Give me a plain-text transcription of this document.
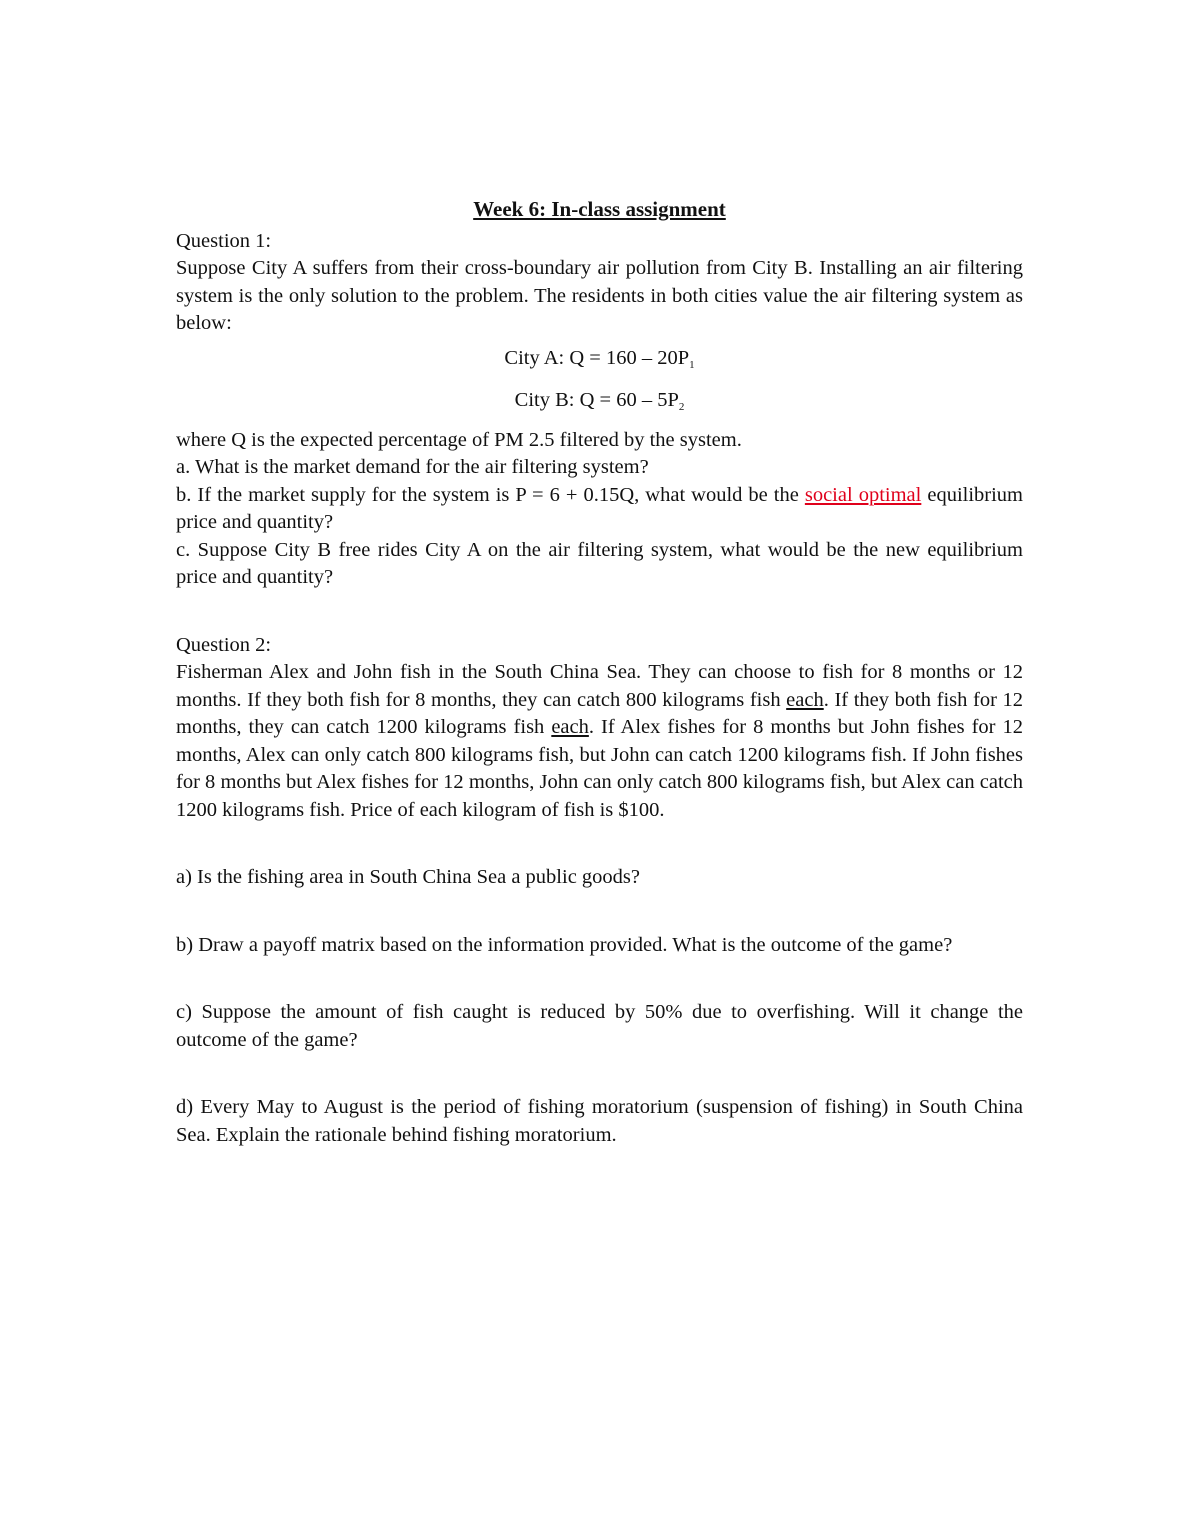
Week 6: In-class assignment

Question 1:

Suppose City A suffers from their cross-boundary air pollution from City B. Installing an air filtering system is the only solution to the problem. The residents in both cities value the air filtering system as below:

City A: $Q = 160 - 20P_1$

City B: $Q = 60 - 5P_2$

where Q is the expected percentage of PM 2.5 filtered by the system.

a. What is the market demand for the air filtering system?

b. If the market supply for the system is P = 6 + 0.15Q, what would be the social optimal equilibrium price and quantity?

c. Suppose City B free rides City A on the air filtering system, what would be the new equilibrium price and quantity?

Question 2:

Fisherman Alex and John fish in the South China Sea. They can choose to fish for 8 months or 12 months. If they both fish for 8 months, they can catch 800 kilograms fish each. If they both fish for 12 months, they can catch 1200 kilograms fish each. If Alex fishes for 8 months but John fishes for 12 months, Alex can only catch 800 kilograms fish, but John can catch 1200 kilograms fish. If John fishes for 8 months but Alex fishes for 12 months, John can only catch 800 kilograms fish, but Alex can catch 1200 kilograms fish. Price of each kilogram of fish is $100.

a) Is the fishing area in South China Sea a public goods?

b) Draw a payoff matrix based on the information provided. What is the outcome of the game?

c) Suppose the amount of fish caught is reduced by 50% due to overfishing. Will it change the outcome of the game?

d) Every May to August is the period of fishing moratorium (suspension of fishing) in South China Sea. Explain the rationale behind fishing moratorium.
